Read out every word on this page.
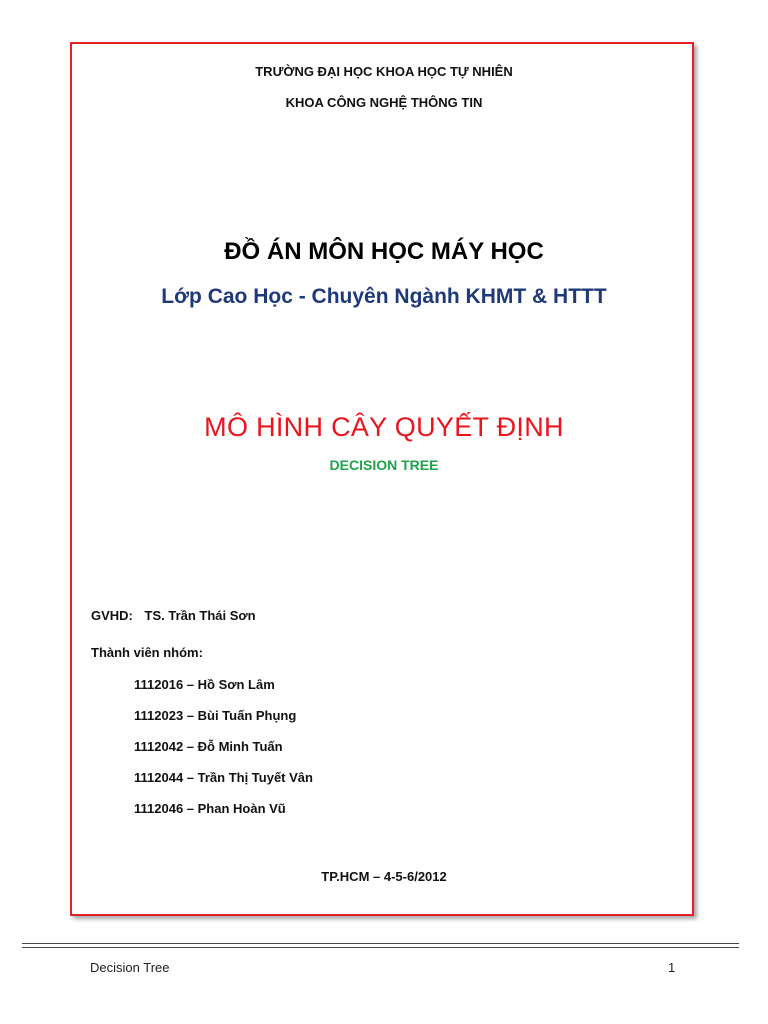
TRƯỜNG ĐẠI HỌC KHOA HỌC TỰ NHIÊN
KHOA CÔNG NGHỆ THÔNG TIN
ĐỒ ÁN MÔN HỌC MÁY HỌC
Lớp Cao Học - Chuyên Ngành KHMT & HTTT
MÔ HÌNH CÂY QUYẾT ĐỊNH
DECISION TREE
GVHD: TS. Trần Thái Sơn
Thành viên nhóm:
1112016 – Hồ Sơn Lâm
1112023 – Bùi Tuấn Phụng
1112042 – Đỗ Minh Tuấn
1112044 – Trần Thị Tuyết Vân
1112046 – Phan Hoàn Vũ
TP.HCM – 4-5-6/2012
Decision Tree	1
